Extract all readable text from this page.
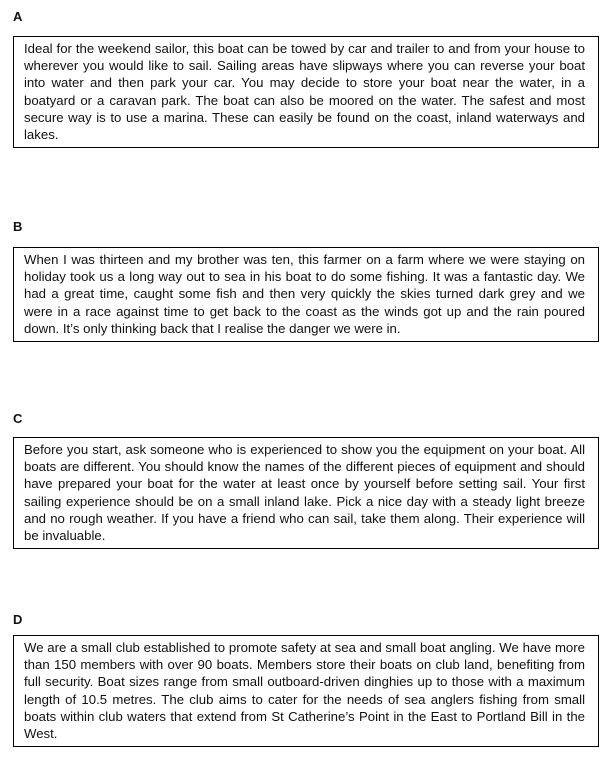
A
Ideal for the weekend sailor, this boat can be towed by car and trailer to and from your house to wherever you would like to sail. Sailing areas have slipways where you can reverse your boat into water and then park your car. You may decide to store your boat near the water, in a boatyard or a caravan park. The boat can also be moored on the water. The safest and most secure way is to use a marina. These can easily be found on the coast, inland waterways and lakes.
B
When I was thirteen and my brother was ten, this farmer on a farm where we were staying on holiday took us a long way out to sea in his boat to do some fishing. It was a fantastic day. We had a great time, caught some fish and then very quickly the skies turned dark grey and we were in a race against time to get back to the coast as the winds got up and the rain poured down. It’s only thinking back that I realise the danger we were in.
C
Before you start, ask someone who is experienced to show you the equipment on your boat. All boats are different. You should know the names of the different pieces of equipment and should have prepared your boat for the water at least once by yourself before setting sail. Your first sailing experience should be on a small inland lake. Pick a nice day with a steady light breeze and no rough weather. If you have a friend who can sail, take them along. Their experience will be invaluable.
D
We are a small club established to promote safety at sea and small boat angling. We have more than 150 members with over 90 boats. Members store their boats on club land, benefiting from full security. Boat sizes range from small outboard-driven dinghies up to those with a maximum length of 10.5 metres. The club aims to cater for the needs of sea anglers fishing from small boats within club waters that extend from St Catherine’s Point in the East to Portland Bill in the West.
